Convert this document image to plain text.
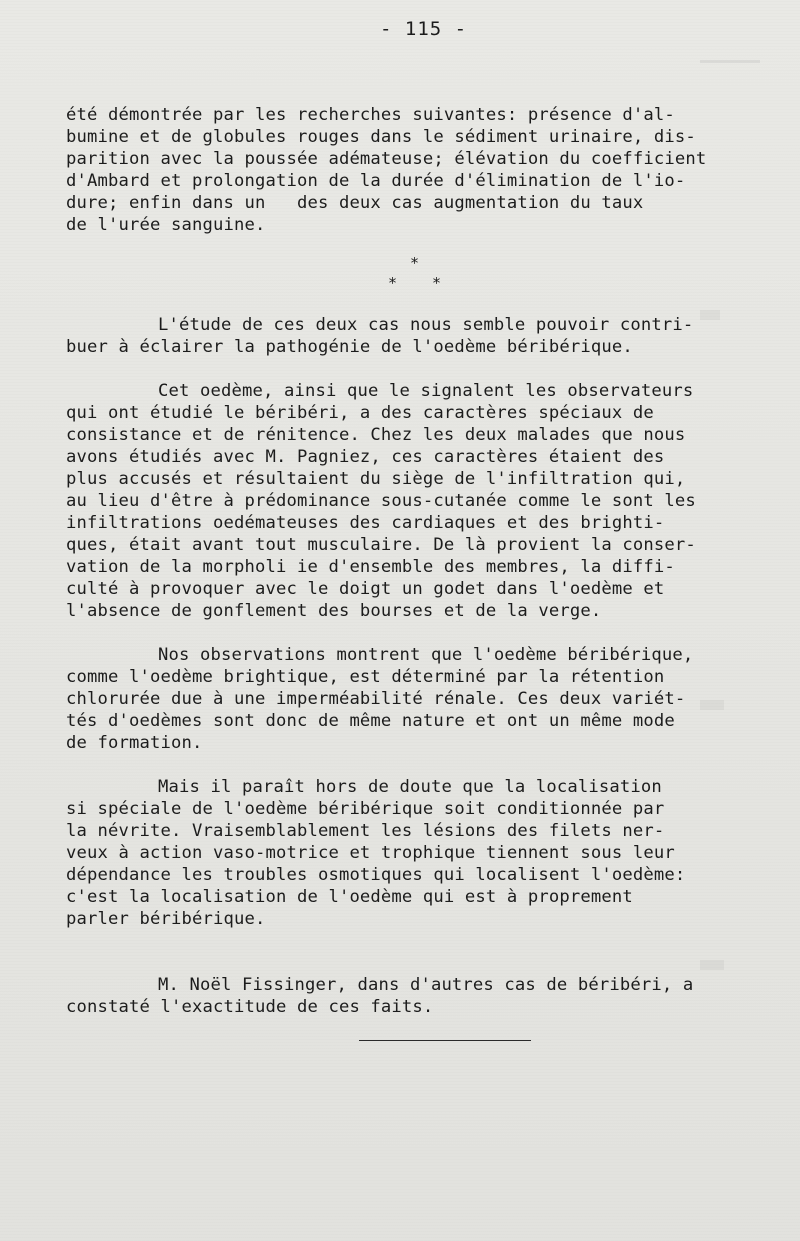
- 115 -
été démontrée par les recherches suivantes: présence d'al-
bumine et de globules rouges dans le sédiment urinaire, dis-
parition avec la poussée adémateuse; élévation du coefficient
d'Ambard et prolongation de la durée d'élimination de l'io-
dure; enfin dans un   des deux cas augmentation du taux
de l'urée sanguine.
*
* *
L'étude de ces deux cas nous semble pouvoir contri-
buer à éclairer la pathogénie de l'oedème béribérique.
Cet oedème, ainsi que le signalent les observateurs
qui ont étudié le béribéri, a des caractères spéciaux de
consistance et de rénitence. Chez les deux malades que nous
avons étudiés avec M. Pagniez, ces caractères étaient des
plus accusés et résultaient du siège de l'infiltration qui,
au lieu d'être à prédominance sous-cutanée comme le sont les
infiltrations oedémateuses des cardiaques et des brighti-
ques, était avant tout musculaire. De là provient la conser-
vation de la morpholi ie d'ensemble des membres, la diffi-
culté à provoquer avec le doigt un godet dans l'oedème et
l'absence de gonflement des bourses et de la verge.
Nos observations montrent que l'oedème béribérique,
comme l'oedème brightique, est déterminé par la rétention
chlorurée due à une imperméabilité rénale. Ces deux variét-
tés d'oedèmes sont donc de même nature et ont un même mode
de formation.
Mais il paraît hors de doute que la localisation
si spéciale de l'oedème béribérique soit conditionnée par
la névrite. Vraisemblablement les lésions des filets ner-
veux à action vaso-motrice et trophique tiennent sous leur
dépendance les troubles osmotiques qui localisent l'oedème:
c'est la localisation de l'oedème qui est à proprement
parler béribérique.
M. Noël Fissinger, dans d'autres cas de béribéri, a
constaté l'exactitude de ces faits.
